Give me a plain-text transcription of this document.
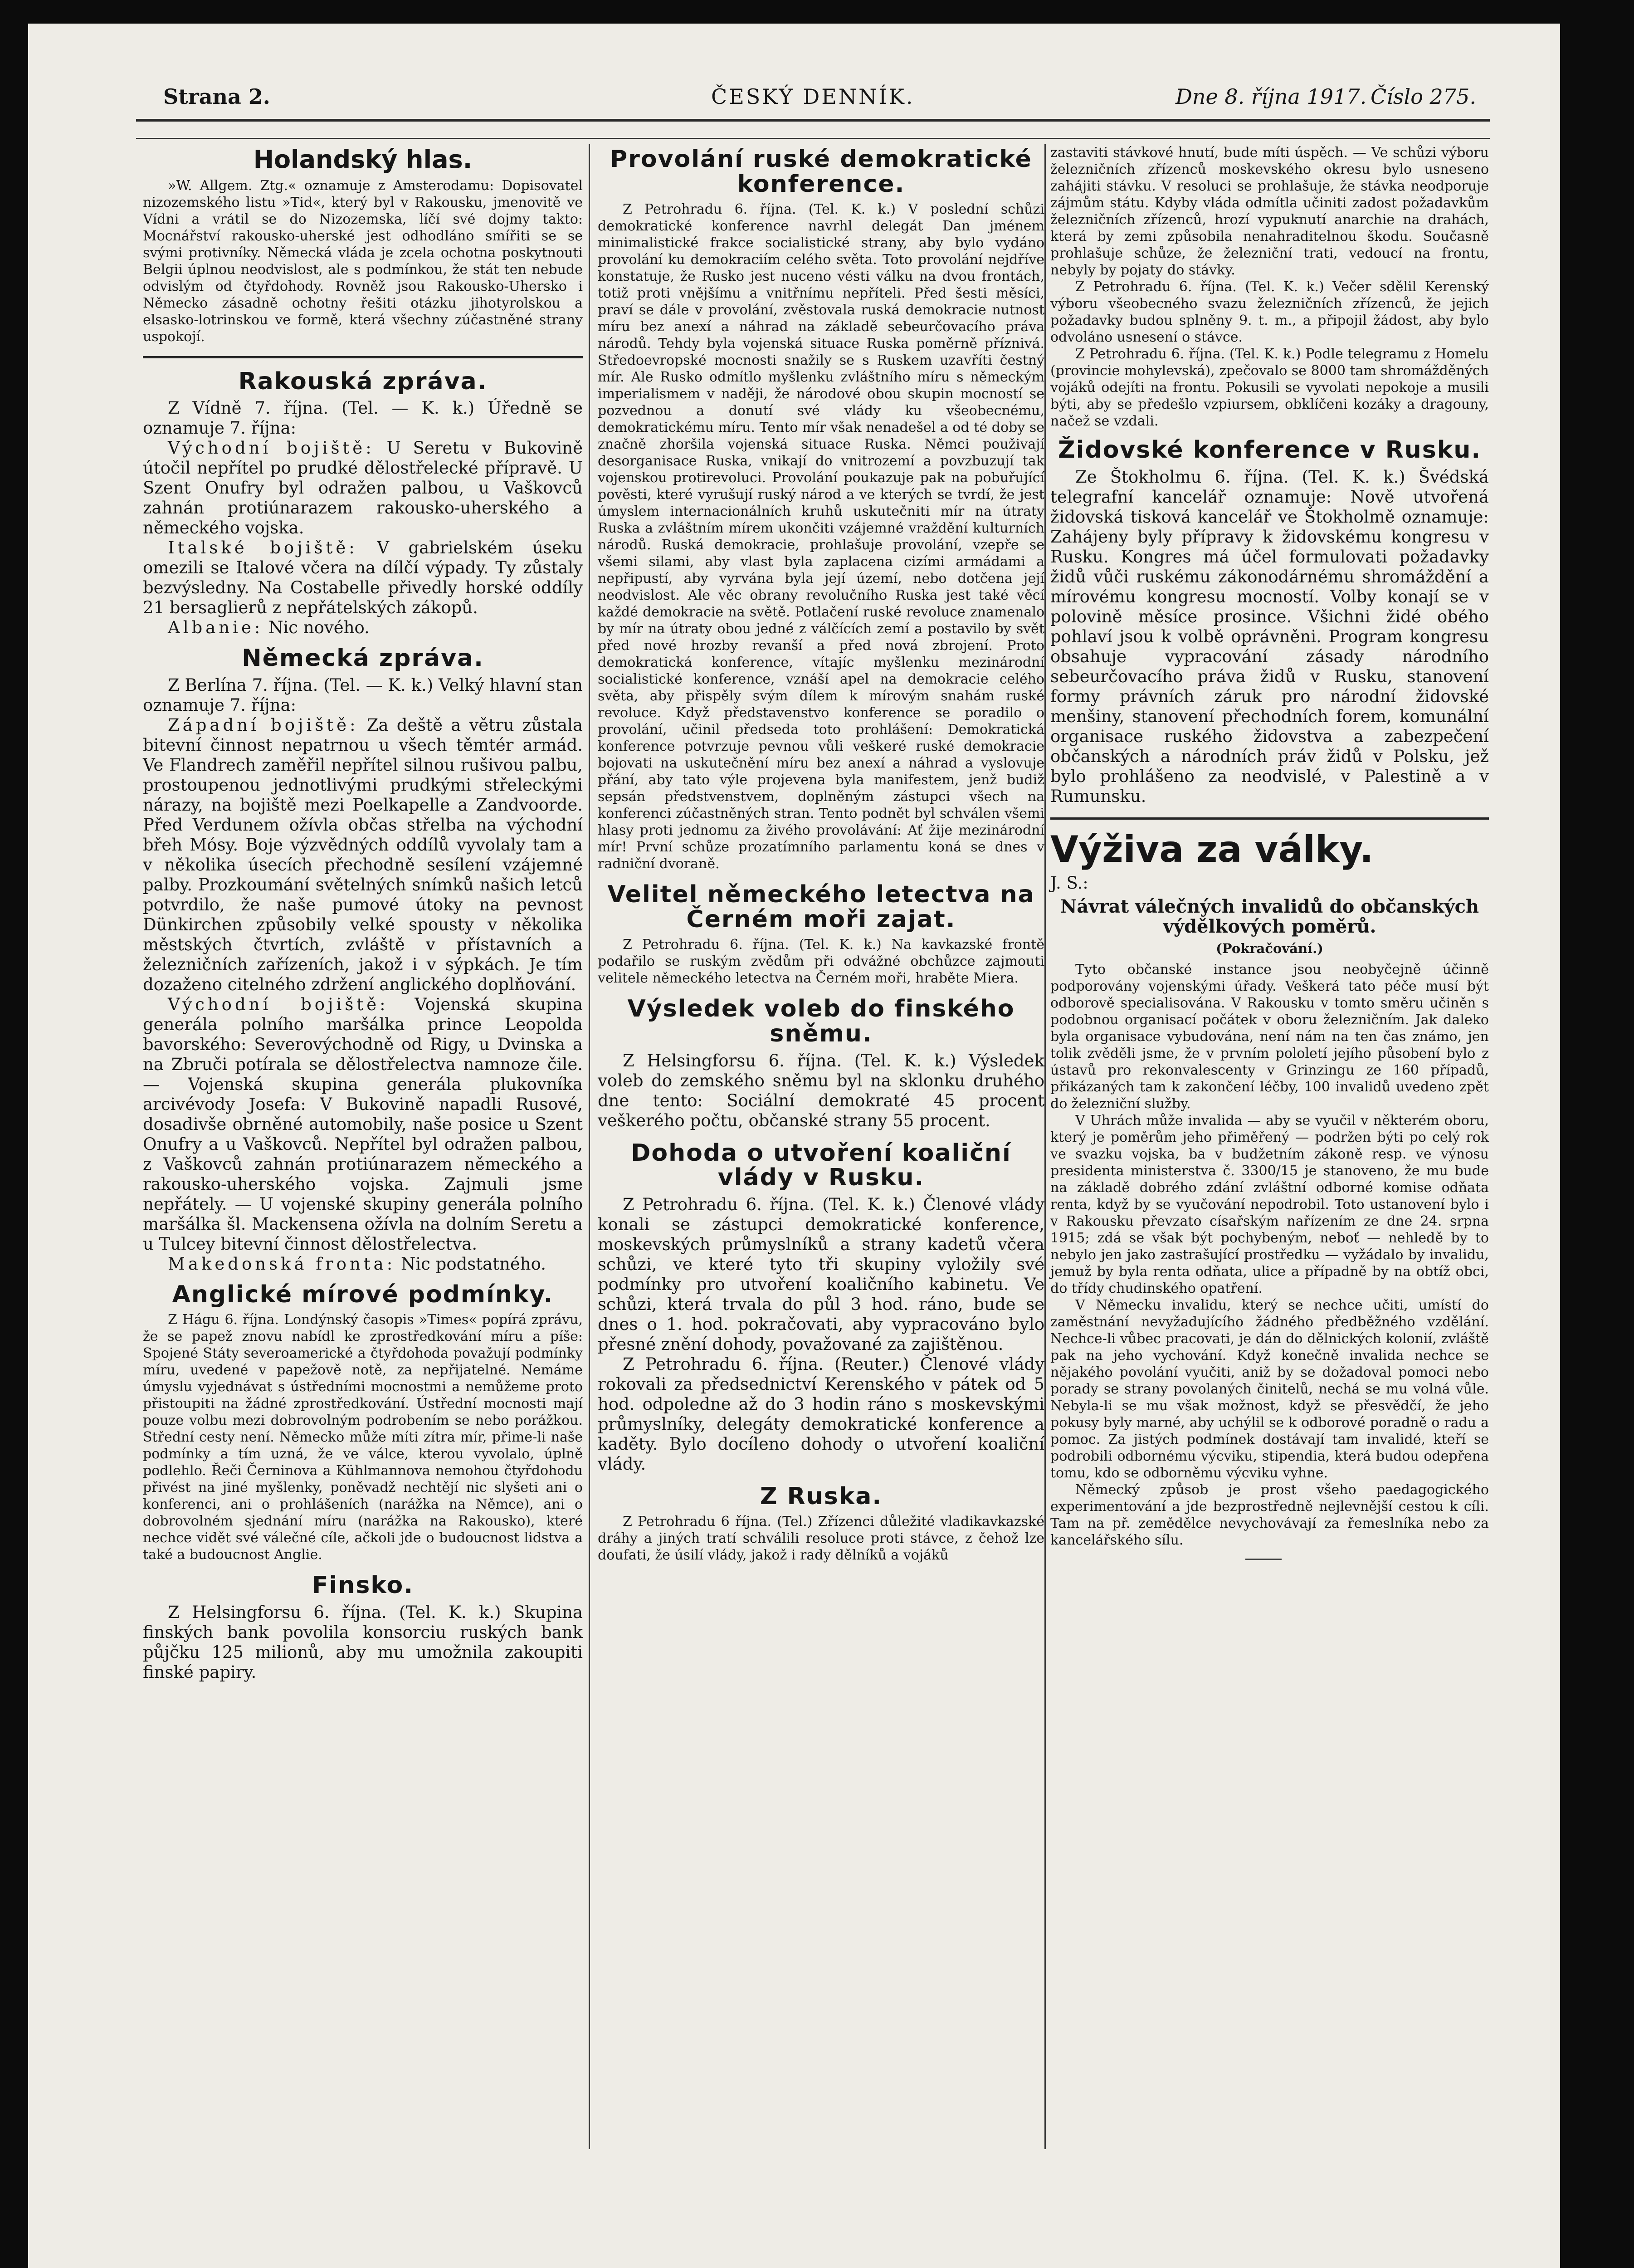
Strana 2.	ČESKÝ DENNÍK.	Dne 8. října 1917. Číslo 275.
Holandský hlas.

»W. Allgem. Ztg.« oznamuje z Amsterodamu: Dopisovatel nizozemského listu »Tid«, který byl v Rakousku, jmenovitě ve Vídni a vrátil se do Nizozemska, líčí své dojmy takto: Mocnářství rakousko-uherské jest odhodláno smířiti se se svými protivníky. Německá vláda je zcela ochotna poskytnouti Belgii úplnou neodvislost, ale s podmínkou, že stát ten nebude odvislým od čtyřdohody. Rovněž jsou Rakousko-Uhersko i Německo zásadně ochotny řešiti otázku jihotyrolskou a elsasko-lotrinskou ve formě, která všechny zúčastněné strany uspokojí.

Rakouská zpráva.

Z Vídně 7. října. (Tel. — K. k.) Úředně se oznamuje 7. října:

Východní bojiště: U Seretu v Bukovině útočil nepřítel po prudké dělostřelecké přípravě. U Szent Onufry byl odražen palbou, u Vaškovců zahnán protiúnarazem rakousko-uherského a německého vojska.

Italské bojiště: V gabrielském úseku omezili se Italové včera na dílčí výpady. Ty zůstaly bezvýsledny. Na Costabelle přivedly horské oddíly 21 bersaglierů z nepřátelských zákopů.

Albanie: Nic nového.

Německá zpráva.

Z Berlína 7. října. (Tel. — K. k.) Velký hlavní stan oznamuje 7. října:

Západní bojiště: Za deště a větru zůstala bitevní činnost nepatrnou u všech těmtér armád. Ve Flandrech zaměřil nepřítel silnou rušivou palbu, prostoupenou jednotlivými prudkými střeleckými nárazy, na bojiště mezi Poelkapelle a Zandvoorde. Před Verdunem ožívla občas střelba na východní břeh Mósy. Boje výzvědných oddílů vyvolaly tam a v několika úsecích přechodně sesílení vzájemné palby. Prozkoumání světelných snímků našich letců potvrdilo, že naše pumové útoky na pevnost Dünkirchen způsobily velké spousty v několika městských čtvrtích, zvláště v přístavních a železničních zařízeních, jakož i v sýpkách. Je tím dozaženo citelného zdržení anglického doplňování.

Východní bojiště: Vojenská skupina generála polního maršálka prince Leopolda bavorského: Severovýchodně od Rigy, u Dvinska a na Zbruči potírala se dělostřelectva namnoze čile. — Vojenská skupina generála plukovníka arcivévody Josefa: V Bukovině napadli Rusové, dosadivše obrněné automobily, naše posice u Szent Onufry a u Vaškovců. Nepřítel byl odražen palbou, z Vaškovců zahnán protiúnarazem německého a rakousko-uherského vojska. Zajmuli jsme nepřátely. — U vojenské skupiny generála polního maršálka šl. Mackensena ožívla na dolním Seretu a u Tulcey bitevní činnost dělostřelectva.

Makedonská fronta: Nic podstatného.

Anglické mírové podmínky.

Z Hágu 6. října. Londýnský časopis »Times« popírá zprávu, že se papež znovu nabídl ke zprostředkování míru a píše: Spojené Státy severoamerické a čtyřdohoda považují podmínky míru, uvedené v papežově notě, za nepřijatelné. Nemáme úmyslu vyjednávat s ústředními mocnostmi a nemůžeme proto přistoupiti na žádné zprostředkování. Ústřední mocnosti mají pouze volbu mezi dobrovolným podrobením se nebo porážkou. Střední cesty není. Německo může míti zítra mír, přime-li naše podmínky a tím uzná, že ve válce, kterou vyvolalo, úplně podlehlo. Řeči Černinova a Kühlmannova nemohou čtyřdohodu přivést na jiné myšlenky, poněvadž nechtějí nic slyšeti ani o konferenci, ani o prohlášeních (narážka na Němce), ani o dobrovolném sjednání míru (narážka na Rakousko), které nechce vidět své válečné cíle, ačkoli jde o budoucnost lidstva a také a budoucnost Anglie.

Finsko.

Z Helsingforsu 6. října. (Tel. K. k.) Skupina finských bank povolila konsorciu ruských bank půjčku 125 milionů, aby mu umožnila zakoupiti finské papiry.

Provolání ruské demokratické konference.

Z Petrohradu 6. října. (Tel. K. k.) V poslední schůzi demokratické konference navrhl delegát Dan jménem minimalistické frakce socialistické strany, aby bylo vydáno provolání ku demokraciím celého světa. Toto provolání nejdříve konstatuje, že Rusko jest nuceno vésti válku na dvou frontách, totiž proti vnějšímu a vnitřnímu nepříteli. Před šesti měsíci, praví se dále v provolání, zvěstovala ruská demokracie nutnost míru bez anexí a náhrad na základě sebeurčovacího práva národů. Tehdy byla vojenská situace Ruska poměrně příznivá. Středoevropské mocnosti snažily se s Ruskem uzavříti čestný mír. Ale Rusko odmítlo myšlenku zvláštního míru s německým imperialismem v naději, že národové obou skupin mocností se pozvednou a donutí své vlády ku všeobecnému, demokratickému míru. Tento mír však nenadešel a od té doby se značně zhoršila vojenská situace Ruska. Němci použivají desorganisace Ruska, vnikají do vnitrozemí a povzbuzují tak vojenskou protirevoluci. Provolání poukazuje pak na pobuřující pověsti, které vyrušují ruský národ a ve kterých se tvrdí, že jest úmyslem internacionálních kruhů uskutečniti mír na útraty Ruska a zvláštním mírem ukončiti vzájemné vraždění kulturních národů. Ruská demokracie, prohlašuje provolání, vzepře se všemi silami, aby vlast byla zaplacena cizími armádami a nepřipustí, aby vyrvána byla její území, nebo dotčena její neodvislost. Ale věc obrany revolučního Ruska jest také věcí každé demokracie na světě. Potlačení ruské revoluce znamenalo by mír na útraty obou jedné z válčících zemí a postavilo by svět před nové hrozby revanší a před nová zbrojení. Proto demokratická konference, vítajíc myšlenku mezinárodní socialistické konference, vznáší apel na demokracie celého světa, aby přispěly svým dílem k mírovým snahám ruské revoluce. Když představenstvo konference se poradilo o provolání, učinil předseda toto prohlášení: Demokratická konference potvrzuje pevnou vůli veškeré ruské demokracie bojovati na uskutečnění míru bez anexí a náhrad a vyslovuje přání, aby tato výle projevena byla manifestem, jenž budiž sepsán předstvenstvem, doplněným zástupci všech na konferenci zúčastněných stran. Tento podnět byl schválen všemi hlasy proti jednomu za živého provolávání: Ať žije mezinárodní mír! První schůze prozatímního parlamentu koná se dnes v radniční dvoraně.

Velitel německého letectva na Černém moři zajat.

Z Petrohradu 6. října. (Tel. K. k.) Na kavkazské frontě podařilo se ruským zvědům při odvážné obchůzce zajmouti velitele německého letectva na Černém moři, hraběte Miera.

Výsledek voleb do finského sněmu.

Z Helsingforsu 6. října. (Tel. K. k.) Výsledek voleb do zemského sněmu byl na sklonku druhého dne tento: Sociální demokraté 45 procent veškerého počtu, občanské strany 55 procent.

Dohoda o utvoření koaliční vlády v Rusku.

Z Petrohradu 6. října. (Tel. K. k.) Členové vlády konali se zástupci demokratické konference, moskevských průmyslníků a strany kadetů včera schůzi, ve které tyto tři skupiny vyložily své podmínky pro utvoření koaličního kabinetu. Ve schůzi, která trvala do půl 3 hod. ráno, bude se dnes o 1. hod. pokračovati, aby vypracováno bylo přesné znění dohody, považované za zajištěnou.

Z Petrohradu 6. října. (Reuter.) Členové vlády rokovali za předsednictví Kerenského v pátek od 5 hod. odpoledne až do 3 hodin ráno s moskevskými průmyslníky, delegáty demokratické konference a kaděty. Bylo docíleno dohody o utvoření koaliční vlády.

Z Ruska.

Z Petrohradu 6 října. (Tel.) Zřízenci důležité vladikavkazské dráhy a jiných tratí schválili resoluce proti stávce, z čehož lze doufati, že úsilí vlády, jakož i rady dělníků a vojáků

zastaviti stávkové hnutí, bude míti úspěch. — Ve schůzi výboru železničních zřízenců moskevského okresu bylo usneseno zahájiti stávku. V resoluci se prohlašuje, že stávka neodporuje zájmům státu. Kdyby vláda odmítla učiniti zadost požadavkům železničních zřízenců, hrozí vypuknutí anarchie na drahách, která by zemi způsobila nenahraditelnou škodu. Současně prohlašuje schůze, že železniční trati, vedoucí na frontu, nebyly by pojaty do stávky.

Z Petrohradu 6. října. (Tel. K. k.) Večer sdělil Kerenský výboru všeobecného svazu železničních zřízenců, že jejich požadavky budou splněny 9. t. m., a připojil žádost, aby bylo odvoláno usnesení o stávce.

Z Petrohradu 6. října. (Tel. K. k.) Podle telegramu z Homelu (provincie mohylevská), zpečovalo se 8000 tam shromážděných vojáků odejíti na frontu. Pokusili se vyvolati nepokoje a musili býti, aby se předešlo vzpiursem, obklíčeni kozáky a dragouny, načež se vzdali.

Židovské konference v Rusku.

Ze Štokholmu 6. října. (Tel. K. k.) Švédská telegrafní kancelář oznamuje: Nově utvořená židovská tisková kancelář ve Štokholmě oznamuje: Zahájeny byly přípravy k židovskému kongresu v Rusku. Kongres má účel formulovati požadavky židů vůči ruskému zákonodárnému shromáždění a mírovému kongresu mocností. Volby konají se v polovině měsíce prosince. Všichni židé obého pohlaví jsou k volbě oprávněni. Program kongresu obsahuje vypracování zásady národního sebeurčovacího práva židů v Rusku, stanovení formy právních záruk pro národní židovské menšiny, stanovení přechodních forem, komunální organisace ruského židovstva a zabezpečení občanských a národních práv židů v Polsku, jež bylo prohlášeno za neodvislé, v Palestině a v Rumunsku.

Výživa za války.

J. S.:

Návrat válečných invalidů do občanských výdělkových poměrů.
(Pokračování.)

Tyto občanské instance jsou neobyčejně účinně podporovány vojenskými úřady. Veškerá tato péče musí být odborově specialisována. V Rakousku v tomto směru učiněn s podobnou organisací počátek v oboru železničním. Jak daleko byla organisace vybudována, není nám na ten čas známo, jen tolik zvěděli jsme, že v prvním pololetí jejího působení bylo z ústavů pro rekonvalescenty v Grinzingu ze 160 případů, přikázaných tam k zakončení léčby, 100 invalidů uvedeno zpět do železniční služby.

V Uhrách může invalida — aby se vyučil v některém oboru, který je poměrům jeho přiměřený — podržen býti po celý rok ve svazku vojska, ba v budžetním zákoně resp. ve výnosu presidenta ministerstva č. 3300/15 je stanoveno, že mu bude na základě dobrého zdání zvláštní odborné komise odňata renta, když by se vyučování nepodrobil. Toto ustanovení bylo i v Rakousku převzato císařským nařízením ze dne 24. srpna 1915; zdá se však být pochybeným, neboť — nehledě by to nebylo jen jako zastrašující prostředku — vyžádalo by invalidu, jemuž by byla renta odňata, ulice a případně by na obtíž obci, do třídy chudinského opatření.

V Německu invalidu, který se nechce učiti, umístí do zaměstnání nevyžadujícího žádného předběžného vzdělání. Nechce-li vůbec pracovati, je dán do dělnických kolonií, zvláště pak na jeho vychování. Když konečně invalida nechce se nějakého povolání vyučiti, aniž by se dožadoval pomoci nebo porady se strany povolaných činitelů, nechá se mu volná vůle. Nebyla-li se mu však možnost, když se přesvědčí, že jeho pokusy byly marné, aby uchýlil se k odborové poradně o radu a pomoc. Za jistých podmínek dostávají tam invalidé, kteří se podrobili odbornému výcviku, stipendia, která budou odepřena tomu, kdo se odborněmu výcviku vyhne.

Německý způsob je prost všeho paedagogického experimentování a jde bezprostředně nejlevnější cestou k cíli. Tam na př. zemědělce nevychovávají za řemeslníka nebo za kancelářského sílu.
